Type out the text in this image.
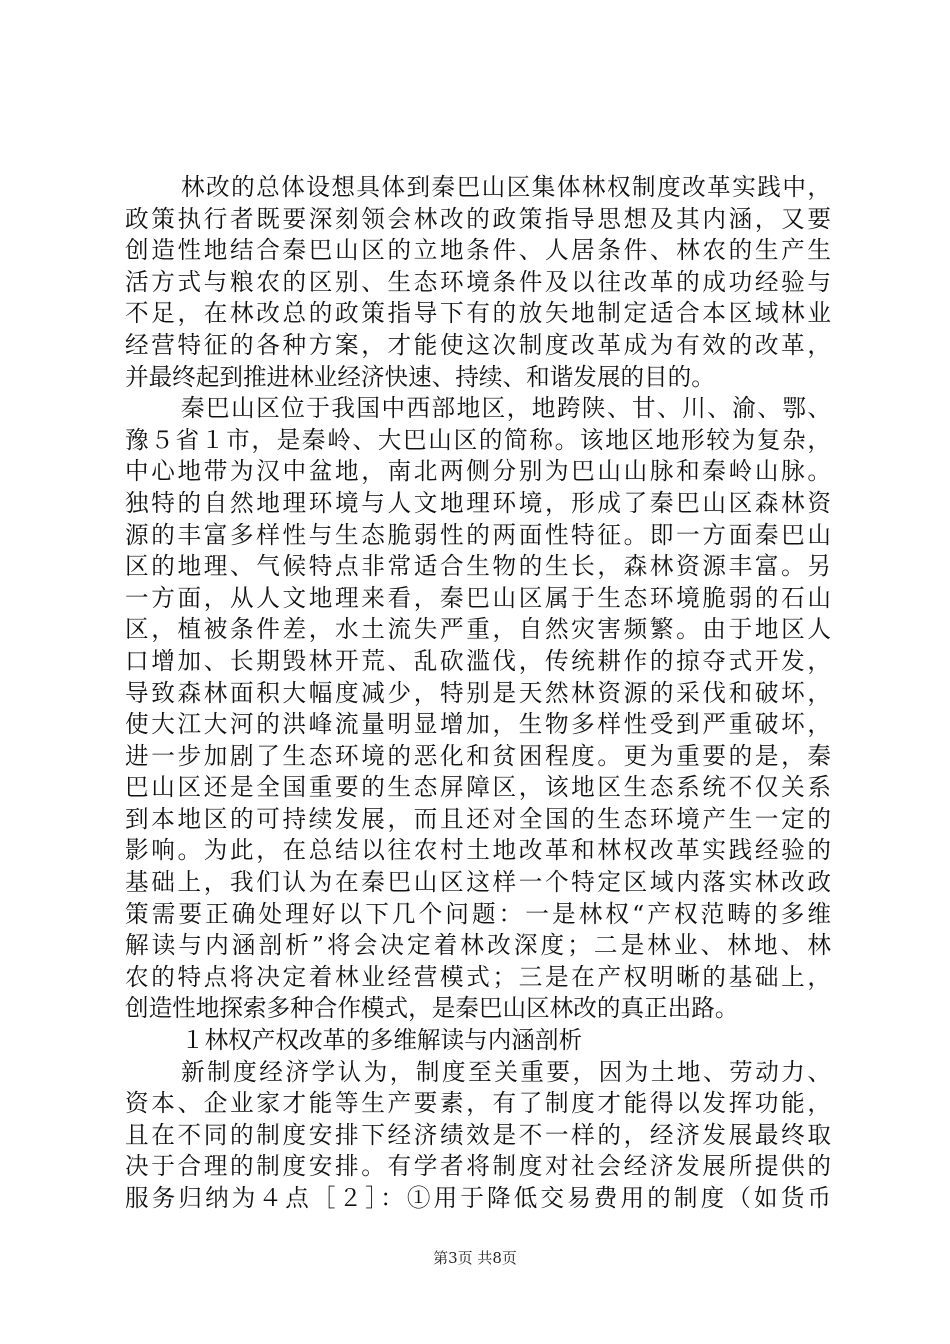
林改的总体设想具体到秦巴山区集体林权制度改革实践中，
政策执行者既要深刻领会林改的政策指导思想及其内涵，又要
创造性地结合秦巴山区的立地条件、人居条件、林农的生产生
活方式与粮农的区别、生态环境条件及以往改革的成功经验与
不足，在林改总的政策指导下有的放矢地制定适合本区域林业
经营特征的各种方案，才能使这次制度改革成为有效的改革，
并最终起到推进林业经济快速、持续、和谐发展的目的。
秦巴山区位于我国中西部地区，地跨陕、甘、川、渝、鄂、
豫５省１市，是秦岭、大巴山区的简称。该地区地形较为复杂，
中心地带为汉中盆地，南北两侧分别为巴山山脉和秦岭山脉。
独特的自然地理环境与人文地理环境，形成了秦巴山区森林资
源的丰富多样性与生态脆弱性的两面性特征。即一方面秦巴山
区的地理、气候特点非常适合生物的生长，森林资源丰富。另
一方面，从人文地理来看，秦巴山区属于生态环境脆弱的石山
区，植被条件差，水土流失严重，自然灾害频繁。由于地区人
口增加、长期毁林开荒、乱砍滥伐，传统耕作的掠夺式开发，
导致森林面积大幅度减少，特别是天然林资源的采伐和破坏，
使大江大河的洪峰流量明显增加，生物多样性受到严重破坏，
进一步加剧了生态环境的恶化和贫困程度。更为重要的是，秦
巴山区还是全国重要的生态屏障区，该地区生态系统不仅关系
到本地区的可持续发展，而且还对全国的生态环境产生一定的
影响。为此，在总结以往农村土地改革和林权改革实践经验的
基础上，我们认为在秦巴山区这样一个特定区域内落实林改政
策需要正确处理好以下几个问题：一是林权“产权范畴的多维
解读与内涵剖析”将会决定着林改深度；二是林业、林地、林
农的特点将决定着林业经营模式；三是在产权明晰的基础上，
创造性地探索多种合作模式，是秦巴山区林改的真正出路。
１林权产权改革的多维解读与内涵剖析
新制度经济学认为，制度至关重要，因为土地、劳动力、
资本、企业家才能等生产要素，有了制度才能得以发挥功能，
且在不同的制度安排下经济绩效是不一样的，经济发展最终取
决于合理的制度安排。有学者将制度对社会经济发展所提供的
服务归纳为４点［２］：①用于降低交易费用的制度（如货币
第3页 共8页
